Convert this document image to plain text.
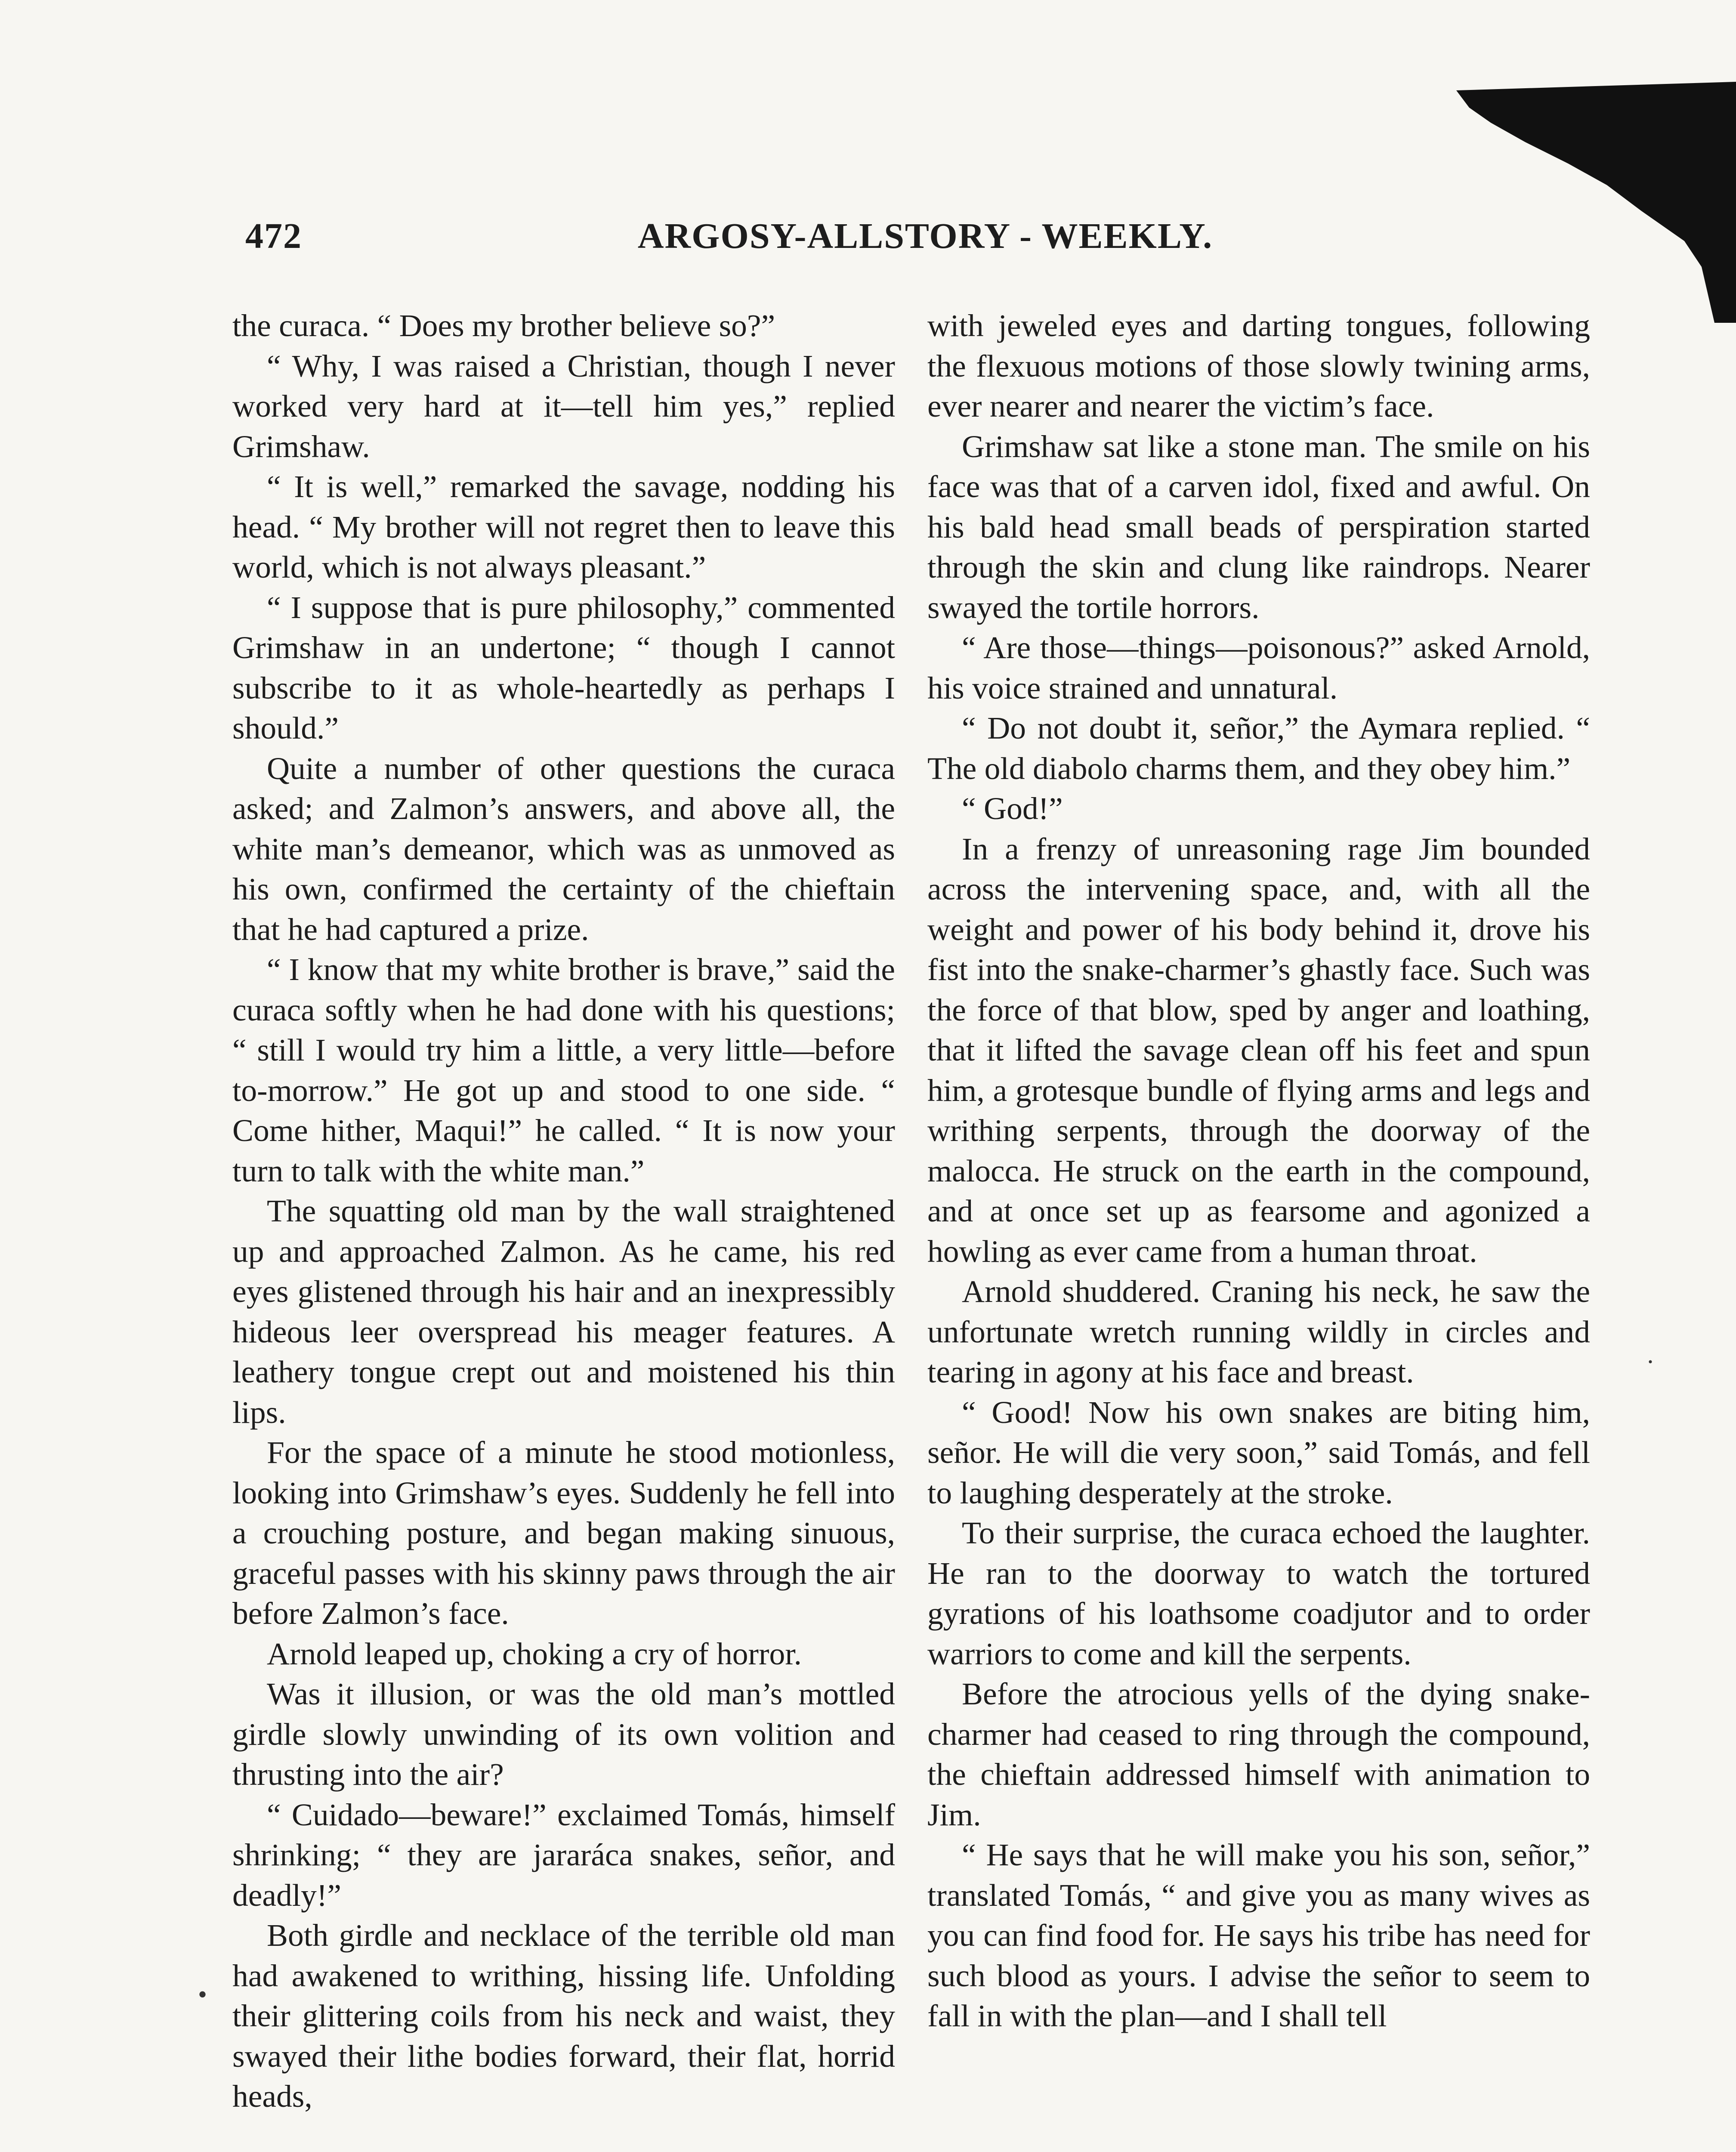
472	ARGOSY-ALLSTORY - WEEKLY.

the curaca. “ Does my brother believe so?”

“ Why, I was raised a Christian, though I never worked very hard at it—tell him yes,” replied Grimshaw.

“ It is well,” remarked the savage, nodding his head. “ My brother will not regret then to leave this world, which is not always pleasant.”

“ I suppose that is pure philosophy,” commented Grimshaw in an undertone; “ though I cannot subscribe to it as whole-heartedly as perhaps I should.”

Quite a number of other questions the curaca asked; and Zalmon’s answers, and above all, the white man’s demeanor, which was as unmoved as his own, confirmed the certainty of the chieftain that he had captured a prize.

“ I know that my white brother is brave,” said the curaca softly when he had done with his questions; “ still I would try him a little, a very little—before to-morrow.” He got up and stood to one side. “ Come hither, Maqui!” he called. “ It is now your turn to talk with the white man.”

The squatting old man by the wall straightened up and approached Zalmon. As he came, his red eyes glistened through his hair and an inexpressibly hideous leer overspread his meager features. A leathery tongue crept out and moistened his thin lips.

For the space of a minute he stood motionless, looking into Grimshaw’s eyes. Suddenly he fell into a crouching posture, and began making sinuous, graceful passes with his skinny paws through the air before Zalmon’s face.

Arnold leaped up, choking a cry of horror.

Was it illusion, or was the old man’s mottled girdle slowly unwinding of its own volition and thrusting into the air?

“ Cuidado—beware!” exclaimed Tomás, himself shrinking; “ they are jararáca snakes, señor, and deadly!”

Both girdle and necklace of the terrible old man had awakened to writhing, hissing life. Unfolding their glittering coils from his neck and waist, they swayed their lithe bodies forward, their flat, horrid heads,

with jeweled eyes and darting tongues, following the flexuous motions of those slowly twining arms, ever nearer and nearer the victim’s face.

Grimshaw sat like a stone man. The smile on his face was that of a carven idol, fixed and awful. On his bald head small beads of perspiration started through the skin and clung like raindrops. Nearer swayed the tortile horrors.

“ Are those—things—poisonous?” asked Arnold, his voice strained and unnatural.

“ Do not doubt it, señor,” the Aymara replied. “ The old diabolo charms them, and they obey him.”

“ God!”

In a frenzy of unreasoning rage Jim bounded across the intervening space, and, with all the weight and power of his body behind it, drove his fist into the snake-charmer’s ghastly face. Such was the force of that blow, sped by anger and loathing, that it lifted the savage clean off his feet and spun him, a grotesque bundle of flying arms and legs and writhing serpents, through the doorway of the malocca. He struck on the earth in the compound, and at once set up as fearsome and agonized a howling as ever came from a human throat.

Arnold shuddered. Craning his neck, he saw the unfortunate wretch running wildly in circles and tearing in agony at his face and breast.

“ Good! Now his own snakes are biting him, señor. He will die very soon,” said Tomás, and fell to laughing desperately at the stroke.

To their surprise, the curaca echoed the laughter. He ran to the doorway to watch the tortured gyrations of his loathsome coadjutor and to order warriors to come and kill the serpents.

Before the atrocious yells of the dying snake-charmer had ceased to ring through the compound, the chieftain addressed himself with animation to Jim.

“ He says that he will make you his son, señor,” translated Tomás, “ and give you as many wives as you can find food for. He says his tribe has need for such blood as yours. I advise the señor to seem to fall in with the plan—and I shall tell

•
·
